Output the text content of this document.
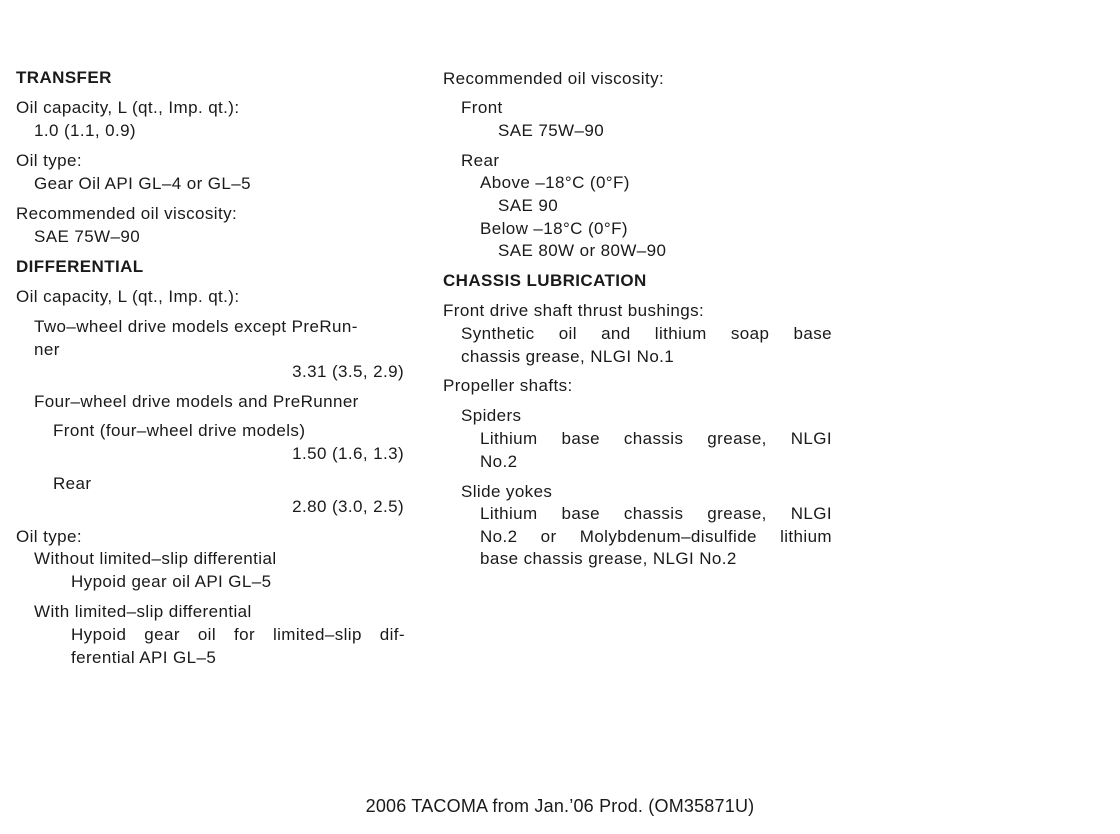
TRANSFER
Oil capacity, L (qt., Imp. qt.):
1.0 (1.1, 0.9)
Oil type:
Gear Oil API GL–4 or GL–5
Recommended oil viscosity:
SAE 75W–90
DIFFERENTIAL
Oil capacity, L (qt., Imp. qt.):
Two–wheel drive models except PreRun-
ner
3.31 (3.5, 2.9)
Four–wheel drive models and PreRunner
Front (four–wheel drive models)
1.50 (1.6, 1.3)
Rear
2.80 (3.0, 2.5)
Oil type:
Without limited–slip differential
Hypoid gear oil API GL–5
With limited–slip differential
Hypoid gear oil for limited–slip dif-
ferential API GL–5
Recommended oil viscosity:
Front
SAE 75W–90
Rear
Above –18°C (0°F)
SAE 90
Below –18°C (0°F)
SAE 80W or 80W–90
CHASSIS LUBRICATION
Front drive shaft thrust bushings:
Synthetic oil and lithium soap base
chassis grease, NLGI No.1
Propeller shafts:
Spiders
Lithium base chassis grease, NLGI
No.2
Slide yokes
Lithium base chassis grease, NLGI
No.2 or Molybdenum–disulfide lithium
base chassis grease, NLGI No.2
2006 TACOMA from Jan.’06 Prod. (OM35871U)
